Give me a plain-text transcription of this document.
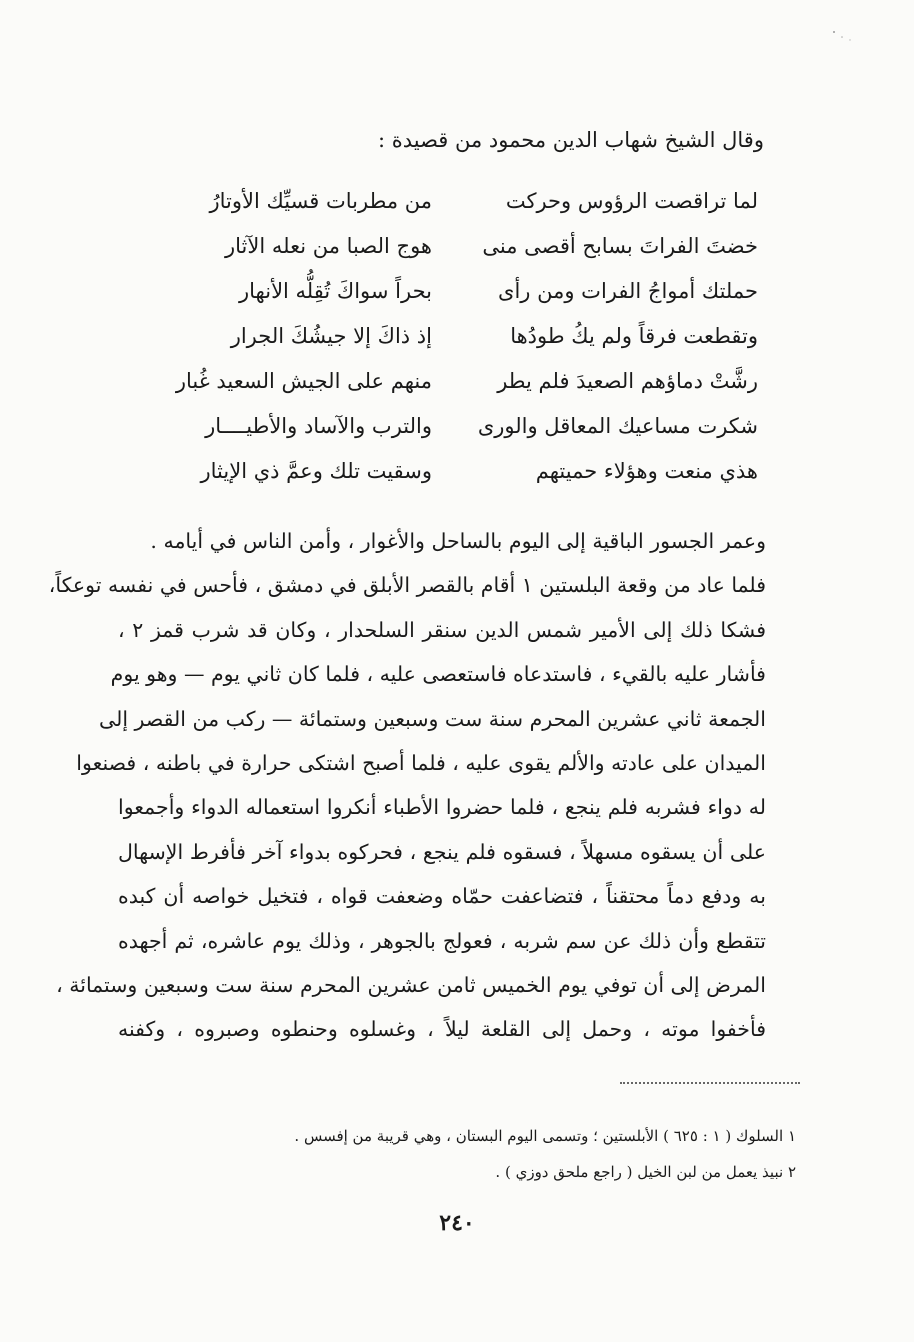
وقال الشيخ شهاب الدين محمود من قصيدة :
لما تراقصت الرؤوس وحركت
من مطربات قسيِّك الأوتارُ
خضتَ الفراتَ بسابح أقصى منى
هوج الصبا من نعله الآثار
حملتك أمواجُ الفرات ومن رأى
بحراً سواكَ تُقِلُّه الأنهار
وتقطعت فرقاً ولم يكُ طودُها
إذ ذاكَ إلا جيشُكَ الجرار
رشَّتْ دماؤهم الصعيدَ فلم يطر
منهم على الجيش السعيد غُبار
شكرت مساعيك المعاقل والورى
والترب والآساد والأطيــــار
هذي منعت وهؤلاء حميتهم
وسقيت تلك وعمَّ ذي الإيثار
وعمر الجسور الباقية إلى اليوم بالساحل والأغوار ، وأمن الناس في أيامه .
فلما عاد من وقعة البلستين ١ أقام بالقصر الأبلق في دمشق ، فأحس في نفسه توعكاً،
فشكا ذلك إلى الأمير شمس الدين سنقر السلحدار ، وكان قد شرب قمز ٢ ،
فأشار عليه بالقيء ، فاستدعاه فاستعصى عليه ، فلما كان ثاني يوم — وهو يوم
الجمعة ثاني عشرين المحرم سنة ست وسبعين وستمائة — ركب من القصر إلى
الميدان على عادته والألم يقوى عليه ، فلما أصبح اشتكى حرارة في باطنه ، فصنعوا
له دواء فشربه فلم ينجع ، فلما حضروا الأطباء أنكروا استعماله الدواء وأجمعوا
على أن يسقوه مسهلاً ، فسقوه فلم ينجع ، فحركوه بدواء آخر فأفرط الإسهال
به ودفع دماً محتقناً ، فتضاعفت حمّاه وضعفت قواه ، فتخيل خواصه أن كبده
تتقطع وأن ذلك عن سم شربه ، فعولج بالجوهر ، وذلك يوم عاشره، ثم أجهده
المرض إلى أن توفي يوم الخميس ثامن عشرين المحرم سنة ست وسبعين وستمائة ،
فأخفوا موته ، وحمل إلى القلعة ليلاً ، وغسلوه وحنطوه وصبروه ، وكفنه
١ السلوك ( ١ : ٦٢٥ ) الأبلستين ؛ وتسمى اليوم البستان ، وهي قريبة من إفسس .
٢ نبيذ يعمل من لبن الخيل ( راجع ملحق دوزي ) .
٢٤٠
